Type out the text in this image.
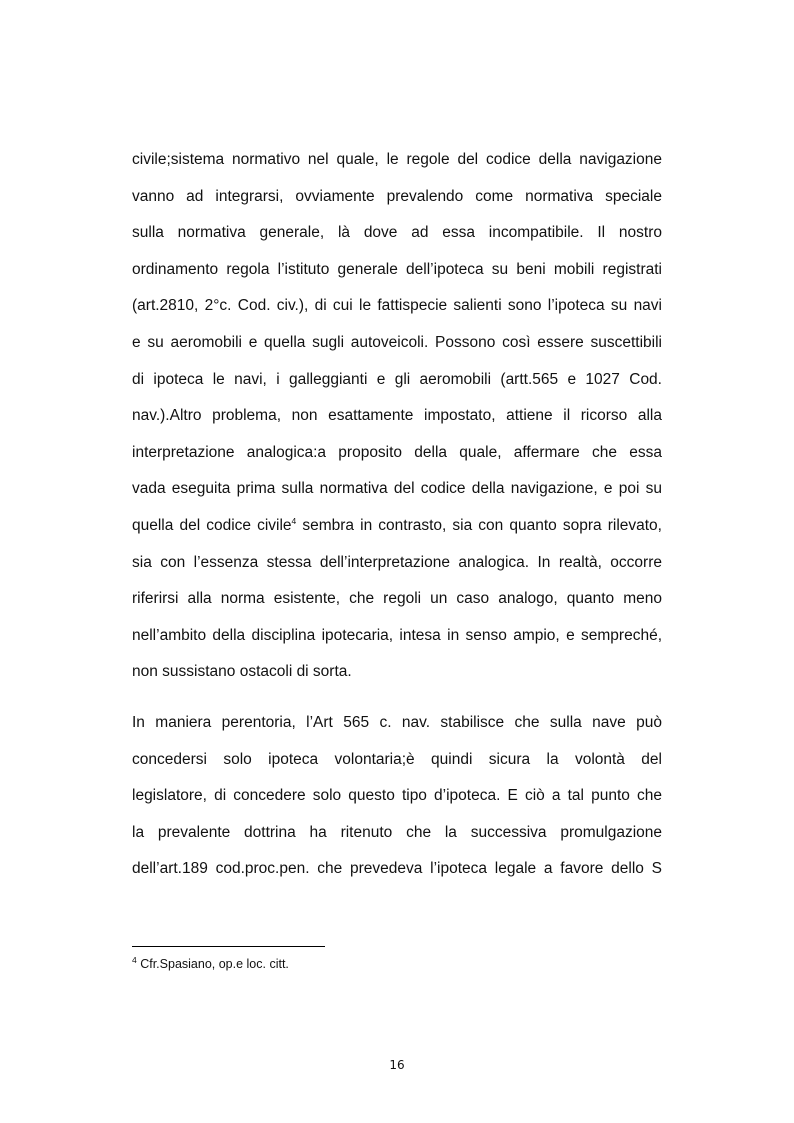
civile;sistema normativo nel quale, le regole del codice della navigazione
vanno ad integrarsi, ovviamente prevalendo come normativa speciale
sulla normativa generale, là dove ad essa incompatibile. Il nostro
ordinamento regola l’istituto generale dell’ipoteca su beni mobili registrati
(art.2810, 2°c. Cod. civ.), di cui le fattispecie salienti sono l’ipoteca su navi
e su aeromobili e quella sugli autoveicoli. Possono così essere suscettibili
di ipoteca le navi, i galleggianti e gli aeromobili (artt.565 e 1027 Cod.
nav.).Altro problema, non esattamente impostato, attiene il ricorso alla
interpretazione analogica:a proposito della quale, affermare che essa
vada eseguita prima sulla normativa del codice della navigazione, e poi su
quella del codice civile$^4$ sembra in contrasto, sia con quanto sopra rilevato,
sia con l’essenza stessa dell’interpretazione analogica. In realtà, occorre
riferirsi alla norma esistente, che regoli un caso analogo, quanto meno
nell’ambito della disciplina ipotecaria, intesa in senso ampio, e sempreché,
non sussistano ostacoli di sorta.
In maniera perentoria, l’Art 565 c. nav. stabilisce che sulla nave può
concedersi solo ipoteca volontaria;è quindi sicura la volontà del
legislatore, di concedere solo questo tipo d’ipoteca. E ciò a tal punto che
la prevalente dottrina ha ritenuto che la successiva promulgazione
dell’art.189 cod.proc.pen. che prevedeva l’ipoteca legale a favore dello S
$^4$ Cfr.Spasiano, op.e loc. citt.
16
